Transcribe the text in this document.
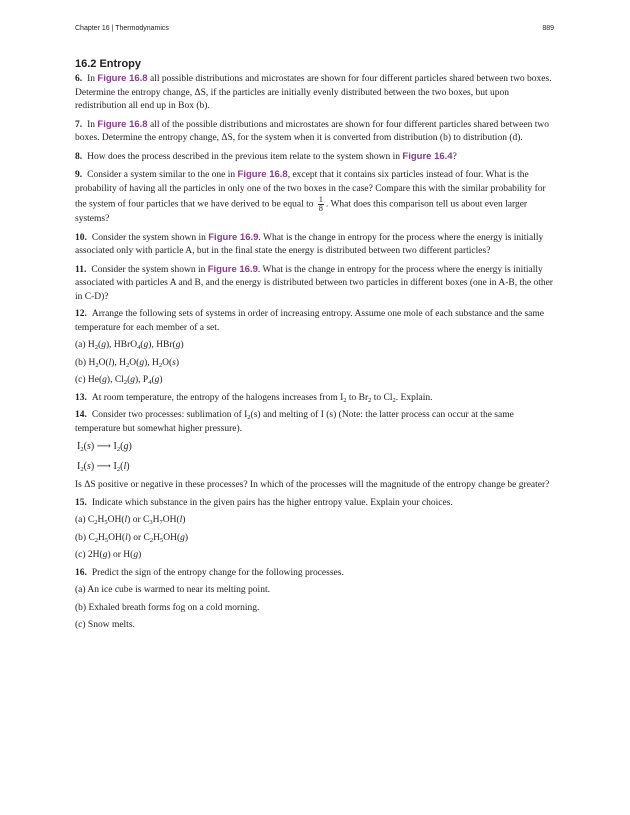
Chapter 16 | Thermodynamics	889
16.2 Entropy

6. In Figure 16.8 all possible distributions and microstates are shown for four different particles shared between two boxes. Determine the entropy change, ΔS, if the particles are initially evenly distributed between the two boxes, but upon redistribution all end up in Box (b).

7. In Figure 16.8 all of the possible distributions and microstates are shown for four different particles shared between two boxes. Determine the entropy change, ΔS, for the system when it is converted from distribution (b) to distribution (d).

8. How does the process described in the previous item relate to the system shown in Figure 16.4?

9. Consider a system similar to the one in Figure 16.8, except that it contains six particles instead of four. What is the probability of having all the particles in only one of the two boxes in the case? Compare this with the similar probability for the system of four particles that we have derived to be equal to $\frac{1}{8}$ . What does this comparison tell us about even larger systems?

10. Consider the system shown in Figure 16.9. What is the change in entropy for the process where the energy is initially associated only with particle A, but in the final state the energy is distributed between two different particles?

11. Consider the system shown in Figure 16.9. What is the change in entropy for the process where the energy is initially associated with particles A and B, and the energy is distributed between two particles in different boxes (one in A-B, the other in C-D)?

12. Arrange the following sets of systems in order of increasing entropy. Assume one mole of each substance and the same temperature for each member of a set.

(a) $H_2(g)$, HBrO$_4$(g), HBr(g)

(b) $H_2O(l)$, $H_2O(g)$, $H_2O(s)$

(c) He(g), $Cl_2(g)$, $P_4(g)$

13. At room temperature, the entropy of the halogens increases from $I_2$ to $Br_2$ to $Cl_2$. Explain.

14. Consider two processes: sublimation of $I_2(s)$ and melting of I (s) (Note: the latter process can occur at the same temperature but somewhat higher pressure).

$I_2(s)$ ⟶ $I_2(g)$
$I_2(s)$ ⟶ $I_2(l)$

Is ΔS positive or negative in these processes? In which of the processes will the magnitude of the entropy change be greater?

15. Indicate which substance in the given pairs has the higher entropy value. Explain your choices.

(a) $C_2H_5OH(l)$ or $C_3H_7OH(l)$

(b) $C_2H_5OH(l)$ or $C_2H_5OH(g)$

(c) 2H(g) or H(g)

16. Predict the sign of the entropy change for the following processes.

(a) An ice cube is warmed to near its melting point.

(b) Exhaled breath forms fog on a cold morning.

(c) Snow melts.
